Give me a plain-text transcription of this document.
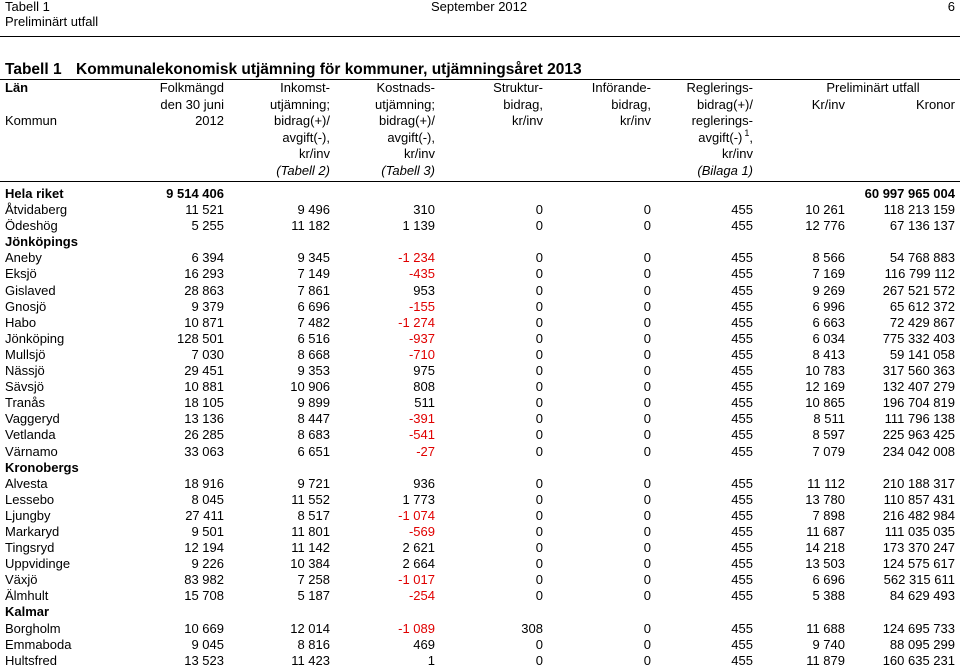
Tabell 1
Preliminärt utfall
September 2012	6
Tabell 1 Kommunalekonomisk utjämning för kommuner, utjämningsåret 2013
Preliminärt utfall
Län
Kommun
Folkmängd
den 30 juni
2012
Inkomst-
utjämning;
bidrag(+)/
avgift(-),
kr/inv
(Tabell 2)
Kostnads-
utjämning;
bidrag(+)/
avgift(-),
kr/inv
(Tabell 3)
Struktur-
bidrag,
kr/inv
Införande-
bidrag,
kr/inv
Reglerings-
bidrag(+)/
reglerings-
avgift(-) $^1$,
kr/inv
(Bilaga 1)
Kr/inv	Kronor
Hela riket	9 514 406	60 997 965 004
Åtvidaberg	11 521	9 496	310	0	0	455	10 261	118 213 159
Ödeshög	5 255	11 182	1 139	0	0	455	12 776	67 136 137
Jönköpings
Aneby	6 394	9 345	-1 234	0	0	455	8 566	54 768 883
Eksjö	16 293	7 149	-435	0	0	455	7 169	116 799 112
Gislaved	28 863	7 861	953	0	0	455	9 269	267 521 572
Gnosjö	9 379	6 696	-155	0	0	455	6 996	65 612 372
Habo	10 871	7 482	-1 274	0	0	455	6 663	72 429 867
Jönköping	128 501	6 516	-937	0	0	455	6 034	775 332 403
Mullsjö	7 030	8 668	-710	0	0	455	8 413	59 141 058
Nässjö	29 451	9 353	975	0	0	455	10 783	317 560 363
Sävsjö	10 881	10 906	808	0	0	455	12 169	132 407 279
Tranås	18 105	9 899	511	0	0	455	10 865	196 704 819
Vaggeryd	13 136	8 447	-391	0	0	455	8 511	111 796 138
Vetlanda	26 285	8 683	-541	0	0	455	8 597	225 963 425
Värnamo	33 063	6 651	-27	0	0	455	7 079	234 042 008
Kronobergs
Alvesta	18 916	9 721	936	0	0	455	11 112	210 188 317
Lessebo	8 045	11 552	1 773	0	0	455	13 780	110 857 431
Ljungby	27 411	8 517	-1 074	0	0	455	7 898	216 482 984
Markaryd	9 501	11 801	-569	0	0	455	11 687	111 035 035
Tingsryd	12 194	11 142	2 621	0	0	455	14 218	173 370 247
Uppvidinge	9 226	10 384	2 664	0	0	455	13 503	124 575 617
Växjö	83 982	7 258	-1 017	0	0	455	6 696	562 315 611
Älmhult	15 708	5 187	-254	0	0	455	5 388	84 629 493
Kalmar
Borgholm	10 669	12 014	-1 089	308	0	455	11 688	124 695 733
Emmaboda	9 045	8 816	469	0	0	455	9 740	88 095 299
Hultsfred	13 523	11 423	1	0	0	455	11 879	160 635 231
